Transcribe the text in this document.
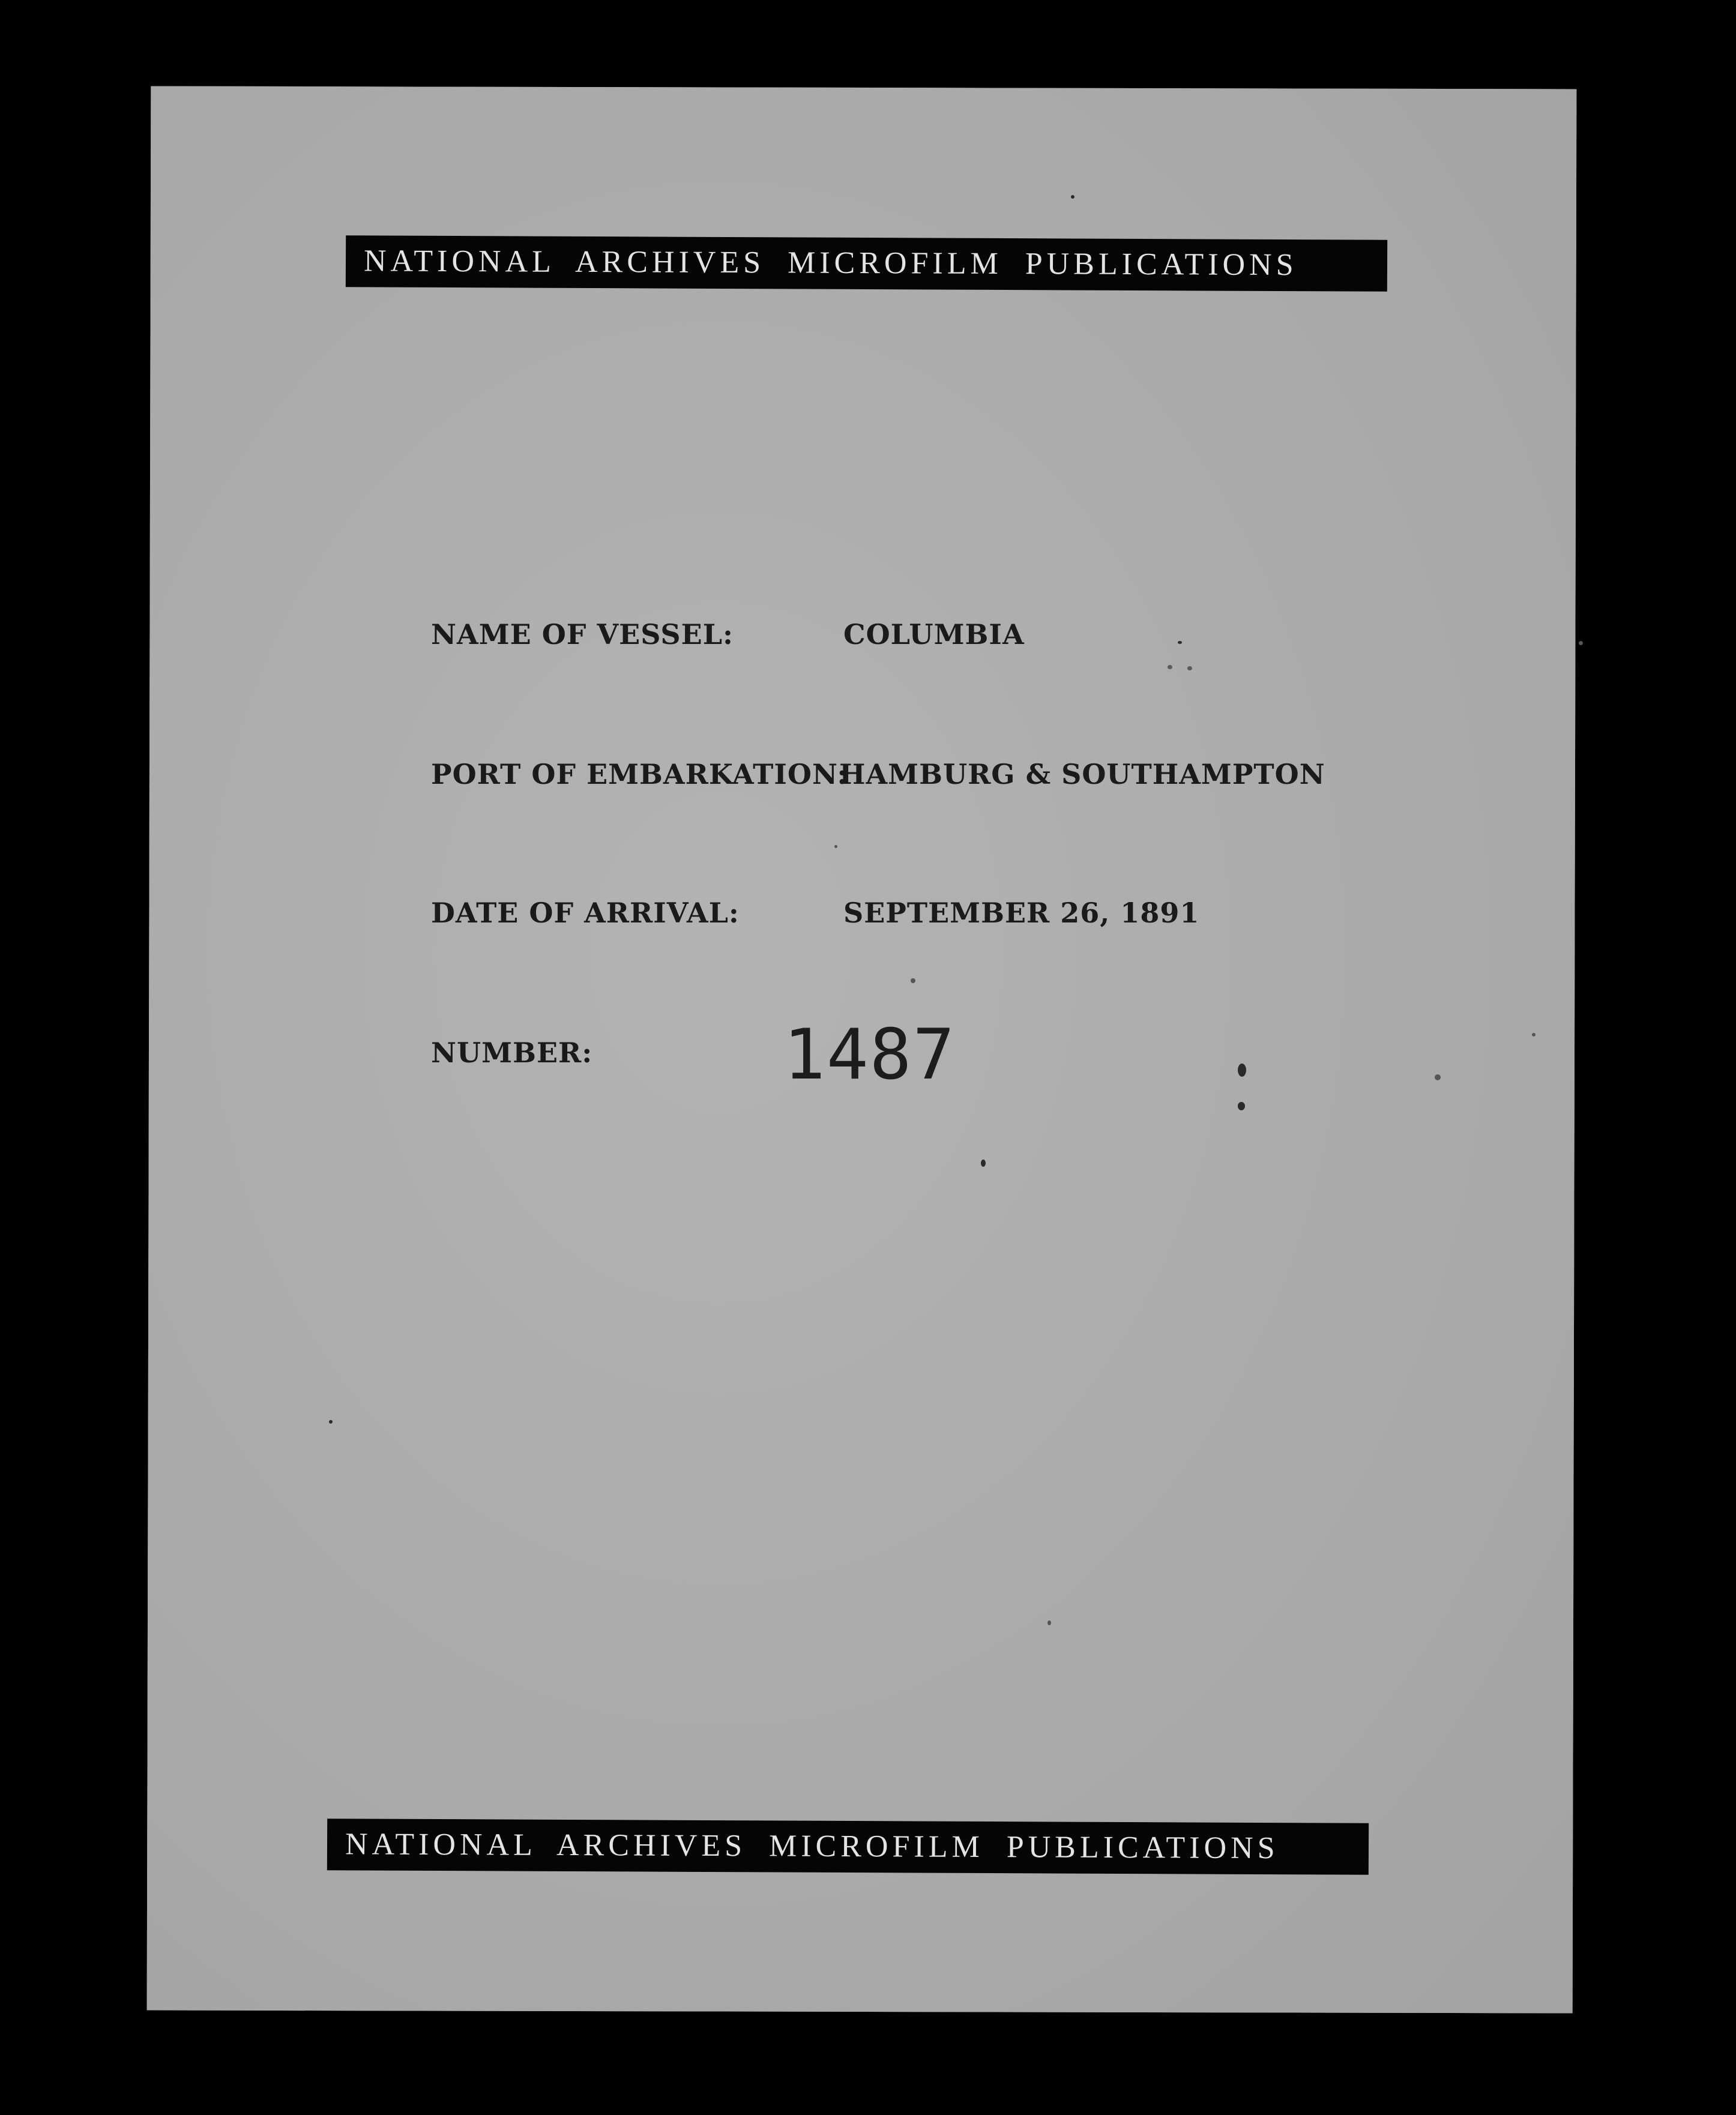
NATIONAL ARCHIVES MICROFILM PUBLICATIONS
NAME OF VESSEL:	COLUMBIA
PORT OF EMBARKATION:
HAMBURG & SOUTHAMPTON
DATE OF ARRIVAL:	SEPTEMBER 26, 1891
NUMBER:	1487
NATIONAL ARCHIVES MICROFILM PUBLICATIONS
